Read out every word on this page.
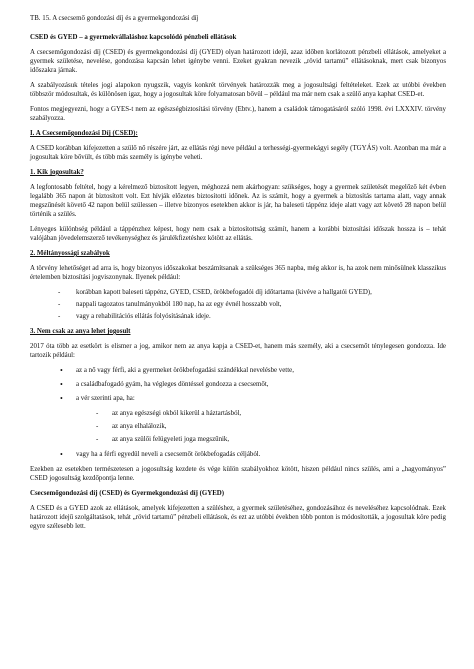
TB. 15. A csecsemő gondozási díj és a gyermekgondozási díj

CSED és GYED – a gyermekvállaláshoz kapcsolódó pénzbeli ellátások

A csecsemőgondozási díj (CSED) és gyermekgondozási díj (GYED) olyan határozott idejű, azaz időben korlátozott pénzbeli ellátások, amelyeket a gyermek születése, nevelése, gondozása kapcsán lehet igénybe venni. Ezeket gyakran nevezik „rövid tartamú” ellátásoknak, mert csak bizonyos időszakra járnak.

A szabályozásuk tételes jogi alapokon nyugszik, vagyis konkrét törvények határozzák meg a jogosultsági feltételeket. Ezek az utóbbi években többször módosultak, és különösen igaz, hogy a jogosultak köre folyamatosan bővül – például ma már nem csak a szülő anya kaphat CSED-et.

Fontos megjegyezni, hogy a GYES-t nem az egészségbiztosítási törvény (Ebtv.), hanem a családok támogatásáról szóló 1998. évi LXXXIV. törvény szabályozza.

I. A Csecsemőgondozási Díj (CSED):

A CSED korábban kifejezetten a szülő nő részére járt, az ellátás régi neve például a terhességi-gyermekágyi segély (TGYÁS) volt. Azonban ma már a jogosultak köre bővült, és több más személy is igénybe veheti.

1. Kik jogosultak?

A legfontosabb feltétel, hogy a kérelmező biztosított legyen, méghozzá nem akárhogyan: szükséges, hogy a gyermek születését megelőző két évben legalább 365 napon át biztosított volt. Ezt hívják előzetes biztosítotti időnek. Az is számít, hogy a gyermek a biztosítás tartama alatt, vagy annak megszűnését követő 42 napon belül szülessen – illetve bizonyos esetekben akkor is jár, ha baleseti táppénz ideje alatt vagy azt követő 28 napon belül történik a szülés.

Lényeges különbség például a táppénzhez képest, hogy nem csak a biztosítottság számít, hanem a korábbi biztosítási időszak hossza is – tehát valójában jövedelemszerző tevékenységhez és járulékfizetéshez kötött az ellátás.

2. Méltányossági szabályok

A törvény lehetőséget ad arra is, hogy bizonyos időszakokat beszámítsanak a szükséges 365 napba, még akkor is, ha azok nem minősülnek klasszikus értelemben biztosítási jogviszonynak. Ilyenek például:

- korábban kapott baleseti táppénz, GYED, CSED, örökbefogadói díj időtartama (kivéve a hallgatói GYED),
- nappali tagozatos tanulmányokból 180 nap, ha az egy évnél hosszabb volt,
- vagy a rehabilitációs ellátás folyósításának ideje.

3. Nem csak az anya lehet jogosult

2017 óta több az esetkört is elismer a jog, amikor nem az anya kapja a CSED-et, hanem más személy, aki a csecsemőt ténylegesen gondozza. Ide tartozik például:

• az a nő vagy férfi, aki a gyermeket örökbefogadási szándékkal nevelésbe vette,
• a családbafogadó gyám, ha végleges döntéssel gondozza a csecsemőt,
• a vér szerinti apa, ha:
- az anya egészségi okból kikerül a háztartásból,
- az anya elhalálozik,
- az anya szülői felügyeleti joga megszűnik,
• vagy ha a férfi egyedül neveli a csecsemőt örökbefogadás céljából.

Ezekben az esetekben természetesen a jogosultság kezdete és vége külön szabályokhoz kötött, hiszen például nincs szülés, ami a „hagyományos” CSED jogosultság kezdőpontja lenne.

Csecsemőgondozási díj (CSED) és Gyermekgondozási díj (GYED)

A CSED és a GYED azok az ellátások, amelyek kifejezetten a szüléshez, a gyermek születéséhez, gondozásához és neveléséhez kapcsolódnak. Ezek határozott idejű szolgáltatások, tehát „rövid tartamú” pénzbeli ellátások, és ezt az utóbbi években több ponton is módosították, a jogosultak köre pedig egyre szélesebb lett.
